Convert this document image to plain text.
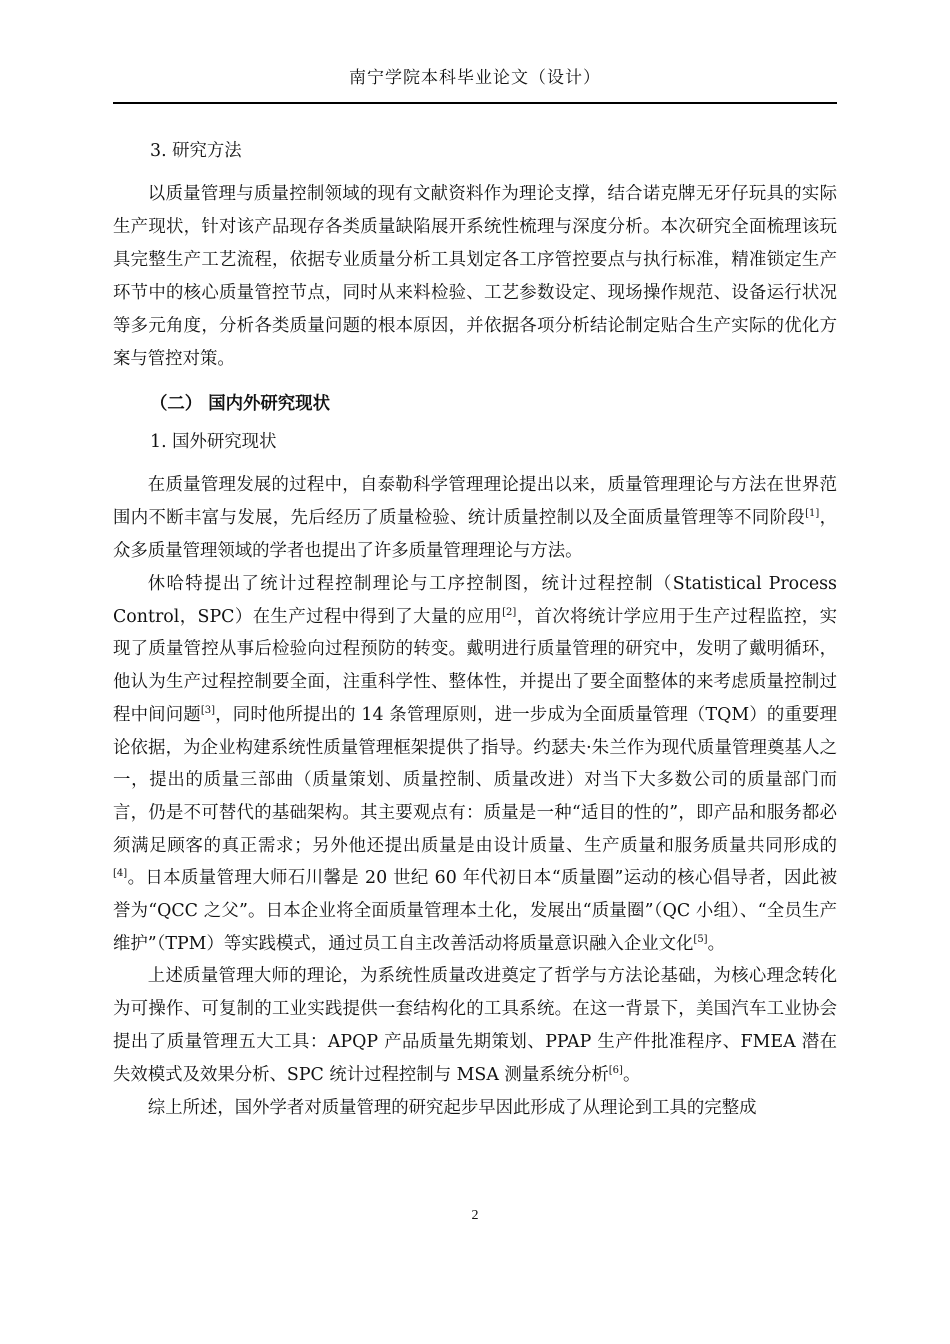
南宁学院本科毕业论文（设计）
3. 研究方法

以质量管理与质量控制领域的现有文献资料作为理论支撑，结合诺克牌无牙仔玩具的实际生产现状，针对该产品现存各类质量缺陷展开系统性梳理与深度分析。本次研究全面梳理该玩具完整生产工艺流程，依据专业质量分析工具划定各工序管控要点与执行标准，精准锁定生产环节中的核心质量管控节点，同时从来料检验、工艺参数设定、现场操作规范、设备运行状况等多元角度，分析各类质量问题的根本原因，并依据各项分析结论制定贴合生产实际的优化方案与管控对策。

（二） 国内外研究现状
1. 国外研究现状

在质量管理发展的过程中，自泰勒科学管理理论提出以来，质量管理理论与方法在世界范围内不断丰富与发展，先后经历了质量检验、统计质量控制以及全面质量管理等不同阶段[1]，众多质量管理领域的学者也提出了许多质量管理理论与方法。

休哈特提出了统计过程控制理论与工序控制图，统计过程控制（Statistical Process Control，SPC）在生产过程中得到了大量的应用[2]，首次将统计学应用于生产过程监控，实现了质量管控从事后检验向过程预防的转变。戴明进行质量管理的研究中，发明了戴明循环，他认为生产过程控制要全面，注重科学性、整体性，并提出了要全面整体的来考虑质量控制过程中间问题[3]，同时他所提出的 14 条管理原则，进一步成为全面质量管理（TQM）的重要理论依据，为企业构建系统性质量管理框架提供了指导。约瑟夫·朱兰作为现代质量管理奠基人之一，提出的质量三部曲（质量策划、质量控制、质量改进）对当下大多数公司的质量部门而言，仍是不可替代的基础架构。其主要观点有：质量是一种“适目的性的”，即产品和服务都必须满足顾客的真正需求；另外他还提出质量是由设计质量、生产质量和服务质量共同形成的[4]。日本质量管理大师石川馨是 20 世纪 60 年代初日本“质量圈”运动的核心倡导者，因此被誉为“QCC 之父”。日本企业将全面质量管理本土化，发展出“质量圈”（QC 小组）、“全员生产维护”（TPM）等实践模式，通过员工自主改善活动将质量意识融入企业文化[5]。

上述质量管理大师的理论，为系统性质量改进奠定了哲学与方法论基础，为核心理念转化为可操作、可复制的工业实践提供一套结构化的工具系统。在这一背景下，美国汽车工业协会提出了质量管理五大工具：APQP 产品质量先期策划、PPAP 生产件批准程序、FMEA 潜在失效模式及效果分析、SPC 统计过程控制与 MSA 测量系统分析[6]。

综上所述，国外学者对质量管理的研究起步早因此形成了从理论到工具的完整成

2
